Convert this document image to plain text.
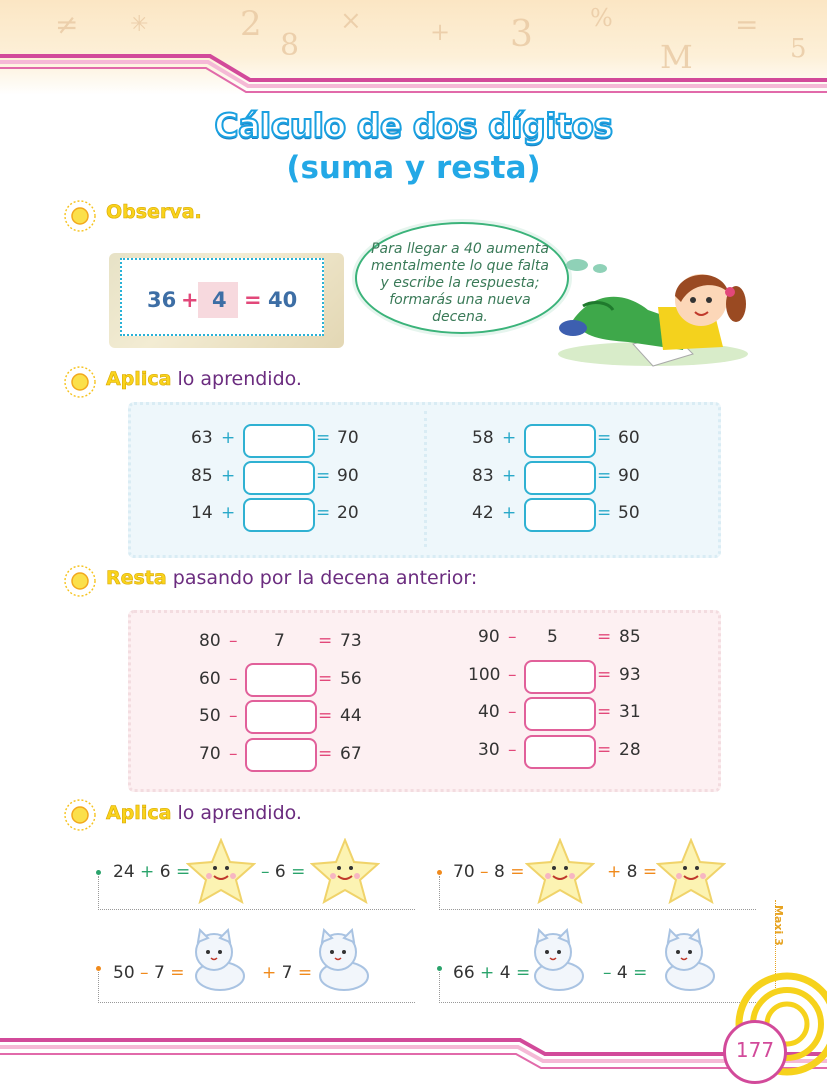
≠ ✳	2
8
×	+ 3 %
M
=
5
Cálculo de dos dígitos
(suma y resta)
Observa.
36 + 4 = 40
Para llegar a 40 aumenta mentalmente lo que falta y escribe la respuesta; formarás una nueva decena.
Aplica lo aprendido.
63 +	= 70
85 +	= 90
14 +	= 20
58 +	= 60
83 +	= 90
42 +	= 50
Resta pasando por la decena anterior:
80 – 7 = 73
60 –	= 56
50 –	= 44
70 –	= 67
90 – 5 = 85
100 –	= 93
40 –	= 31
30 –	= 28
Aplica lo aprendido.
24 + 6 =	– 6 =	70 – 8 =	+ 8 =
50 – 7 =	+ 7 =	66 + 4 =	– 4 =
Maxi 3
177
